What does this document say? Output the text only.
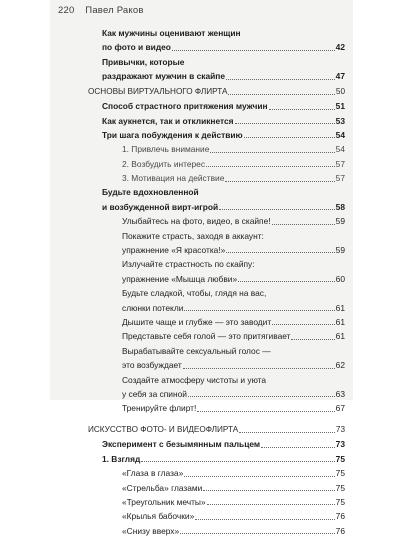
220 Павел Раков
Как мужчины оценивают женщин
по фото и видео	42
Привычки, которые
раздражают мужчин в скайпе	47
ОСНОВЫ ВИРТУАЛЬНОГО ФЛИРТА	50
Способ страстного притяжения мужчин	51
Как аукнется, так и откликнется	53
Три шага побуждения к действию	54
1. Привлечь внимание	54
2. Возбудить интерес	57
3. Мотивация на действие	57
Будьте вдохновленной
и возбужденной вирт-игрой	58
Улыбайтесь на фото, видео, в скайпе!	59
Покажите страсть, заходя в аккаунт:
упражнение «Я красотка!»	59
Излучайте страстность по скайпу:
упражнение «Мышца любви»	60
Будьте сладкой, чтобы, глядя на вас,
слюнки потекли	61
Дышите чаще и глубже — это заводит	61
Представьте себя голой — это притягивает	61
Вырабатывайте сексуальный голос —
это возбуждает	62
Создайте атмосферу чистоты и уюта
у себя за спиной	63
Тренируйте флирт!	67
ИСКУССТВО ФОТО- И ВИДЕОФЛИРТА	73
Эксперимент с безымянным пальцем	73
1. Взгляд	75
«Глаза в глаза»	75
«Стрельба» глазами	75
«Треугольник мечты»	75
«Крылья бабочки»	76
«Снизу вверх»	76
